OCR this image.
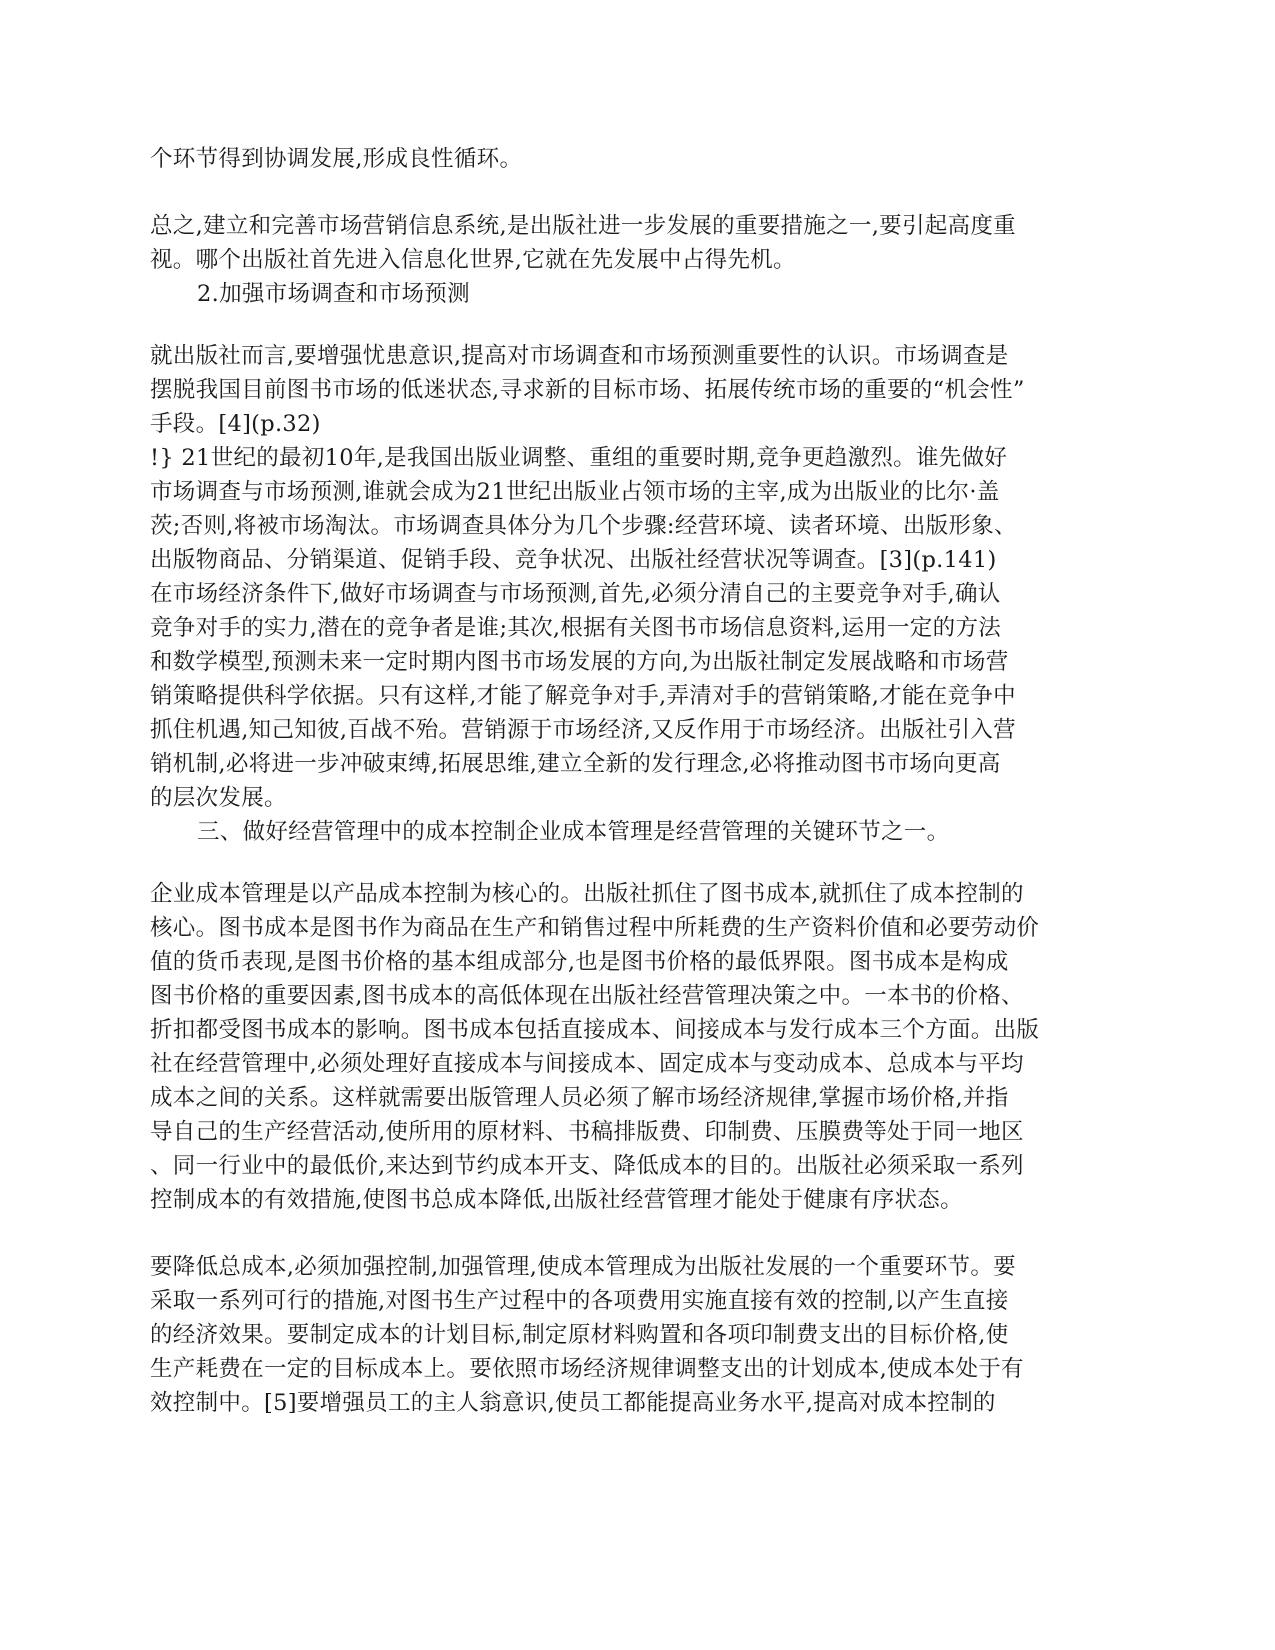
个环节得到协调发展,形成良性循环。
总之,建立和完善市场营销信息系统,是出版社进一步发展的重要措施之一,要引起高度重
视。哪个出版社首先进入信息化世界,它就在先发展中占得先机。
2.加强市场调查和市场预测
就出版社而言,要增强忧患意识,提高对市场调查和市场预测重要性的认识。市场调查是
摆脱我国目前图书市场的低迷状态,寻求新的目标市场、拓展传统市场的重要的“机会性”
手段。[4](p.32)
!} 21世纪的最初10年,是我国出版业调整、重组的重要时期,竞争更趋激烈。谁先做好
市场调查与市场预测,谁就会成为21世纪出版业占领市场的主宰,成为出版业的比尔·盖
茨;否则,将被市场淘汰。市场调查具体分为几个步骤:经营环境、读者环境、出版形象、
出版物商品、分销渠道、促销手段、竞争状况、出版社经营状况等调查。[3](p.141)
在市场经济条件下,做好市场调查与市场预测,首先,必须分清自己的主要竞争对手,确认
竞争对手的实力,潜在的竞争者是谁;其次,根据有关图书市场信息资料,运用一定的方法
和数学模型,预测未来一定时期内图书市场发展的方向,为出版社制定发展战略和市场营
销策略提供科学依据。只有这样,才能了解竞争对手,弄清对手的营销策略,才能在竞争中
抓住机遇,知己知彼,百战不殆。营销源于市场经济,又反作用于市场经济。出版社引入营
销机制,必将进一步冲破束缚,拓展思维,建立全新的发行理念,必将推动图书市场向更高
的层次发展。
三、做好经营管理中的成本控制企业成本管理是经营管理的关键环节之一。
企业成本管理是以产品成本控制为核心的。出版社抓住了图书成本,就抓住了成本控制的
核心。图书成本是图书作为商品在生产和销售过程中所耗费的生产资料价值和必要劳动价
值的货币表现,是图书价格的基本组成部分,也是图书价格的最低界限。图书成本是构成
图书价格的重要因素,图书成本的高低体现在出版社经营管理决策之中。一本书的价格、
折扣都受图书成本的影响。图书成本包括直接成本、间接成本与发行成本三个方面。出版
社在经营管理中,必须处理好直接成本与间接成本、固定成本与变动成本、总成本与平均
成本之间的关系。这样就需要出版管理人员必须了解市场经济规律,掌握市场价格,并指
导自己的生产经营活动,使所用的原材料、书稿排版费、印制费、压膜费等处于同一地区
、同一行业中的最低价,来达到节约成本开支、降低成本的目的。出版社必须采取一系列
控制成本的有效措施,使图书总成本降低,出版社经营管理才能处于健康有序状态。
要降低总成本,必须加强控制,加强管理,使成本管理成为出版社发展的一个重要环节。要
采取一系列可行的措施,对图书生产过程中的各项费用实施直接有效的控制,以产生直接
的经济效果。要制定成本的计划目标,制定原材料购置和各项印制费支出的目标价格,使
生产耗费在一定的目标成本上。要依照市场经济规律调整支出的计划成本,使成本处于有
效控制中。[5]要增强员工的主人翁意识,使员工都能提高业务水平,提高对成本控制的
